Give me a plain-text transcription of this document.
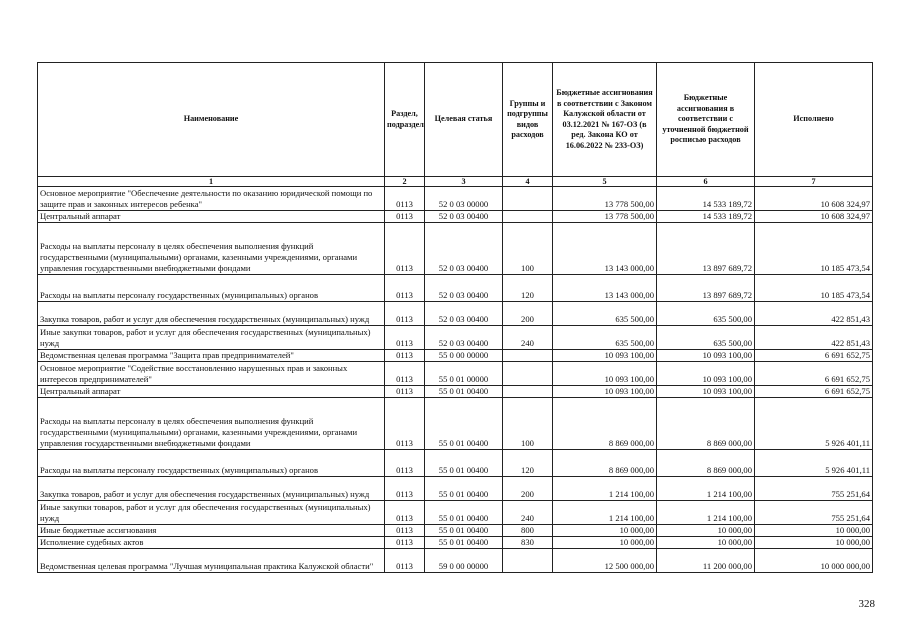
Наименование	Раздел, подраздел	Целевая статья	Группы и подгруппы видов расходов	Бюджетные ассигнования в соответствии с Законом Калужской области от 03.12.2021 № 167-ОЗ (в ред. Закона КО от 16.06.2022 № 233-ОЗ)	Бюджетные ассигнования в соответствии с уточненной бюджетной росписью расходов	Исполнено
1	2	3	4	5	6	7
Основное мероприятие "Обеспечение деятельности по оказанию юридической помощи по защите прав и законных интересов ребенка"	0113	52 0 03 00000		13 778 500,00	14 533 189,72	10 608 324,97
Центральный аппарат	0113	52 0 03 00400		13 778 500,00	14 533 189,72	10 608 324,97
Расходы на выплаты персоналу в целях обеспечения выполнения функций государственными (муниципальными) органами, казенными учреждениями, органами управления государственными внебюджетными фондами	0113	52 0 03 00400	100	13 143 000,00	13 897 689,72	10 185 473,54
Расходы на выплаты персоналу государственных (муниципальных) органов	0113	52 0 03 00400	120	13 143 000,00	13 897 689,72	10 185 473,54
Закупка товаров, работ и услуг для обеспечения государственных (муниципальных) нужд	0113	52 0 03 00400	200	635 500,00	635 500,00	422 851,43
Иные закупки товаров, работ и услуг для обеспечения государственных (муниципальных) нужд	0113	52 0 03 00400	240	635 500,00	635 500,00	422 851,43
Ведомственная целевая программа "Защита прав предпринимателей"	0113	55 0 00 00000		10 093 100,00	10 093 100,00	6 691 652,75
Основное мероприятие "Содействие восстановлению нарушенных прав и законных интересов предпринимателей"	0113	55 0 01 00000		10 093 100,00	10 093 100,00	6 691 652,75
Центральный аппарат	0113	55 0 01 00400		10 093 100,00	10 093 100,00	6 691 652,75
Расходы на выплаты персоналу в целях обеспечения выполнения функций государственными (муниципальными) органами, казенными учреждениями, органами управления государственными внебюджетными фондами	0113	55 0 01 00400	100	8 869 000,00	8 869 000,00	5 926 401,11
Расходы на выплаты персоналу государственных (муниципальных) органов	0113	55 0 01 00400	120	8 869 000,00	8 869 000,00	5 926 401,11
Закупка товаров, работ и услуг для обеспечения государственных (муниципальных) нужд	0113	55 0 01 00400	200	1 214 100,00	1 214 100,00	755 251,64
Иные закупки товаров, работ и услуг для обеспечения государственных (муниципальных) нужд	0113	55 0 01 00400	240	1 214 100,00	1 214 100,00	755 251,64
Иные бюджетные ассигнования	0113	55 0 01 00400	800	10 000,00	10 000,00	10 000,00
Исполнение судебных актов	0113	55 0 01 00400	830	10 000,00	10 000,00	10 000,00
Ведомственная целевая программа "Лучшая муниципальная практика Калужской области"	0113	59 0 00 00000		12 500 000,00	11 200 000,00	10 000 000,00
328
